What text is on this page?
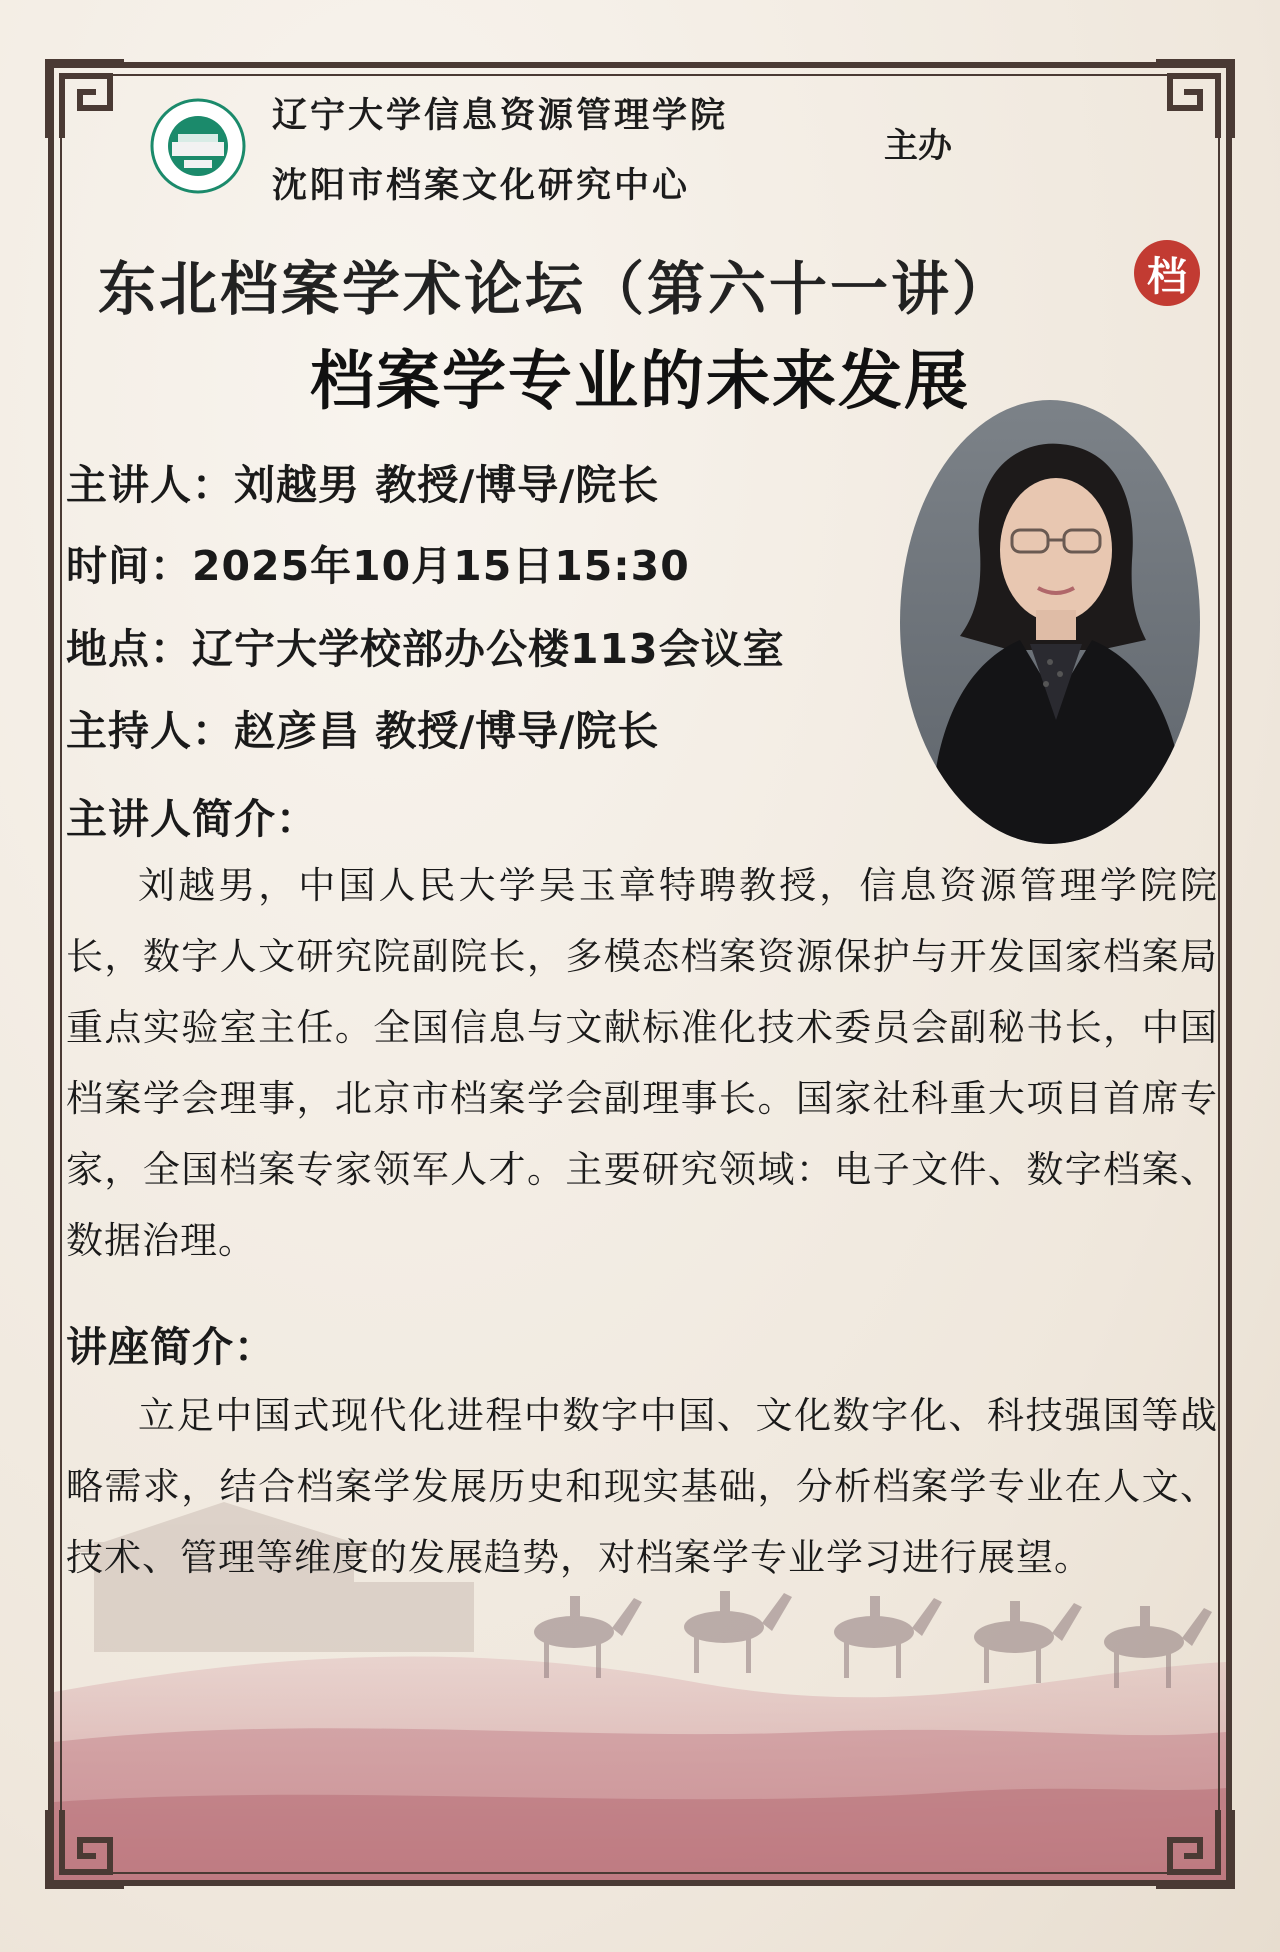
辽宁大学信息资源管理学院
沈阳市档案文化研究中心
主办
东北档案学术论坛（第六十一讲）	档
档案学专业的未来发展
主讲人：刘越男 教授/博导/院长
时间：2025年10月15日15:30
地点：辽宁大学校部办公楼113会议室
主持人：赵彦昌 教授/博导/院长
主讲人简介：
刘越男，中国人民大学吴玉章特聘教授，信息资源管理学院院长，数字人文研究院副院长，多模态档案资源保护与开发国家档案局重点实验室主任。全国信息与文献标准化技术委员会副秘书长，中国档案学会理事，北京市档案学会副理事长。国家社科重大项目首席专家，全国档案专家领军人才。主要研究领域：电子文件、数字档案、数据治理。
讲座简介：
立足中国式现代化进程中数字中国、文化数字化、科技强国等战略需求，结合档案学发展历史和现实基础，分析档案学专业在人文、技术、管理等维度的发展趋势，对档案学专业学习进行展望。
